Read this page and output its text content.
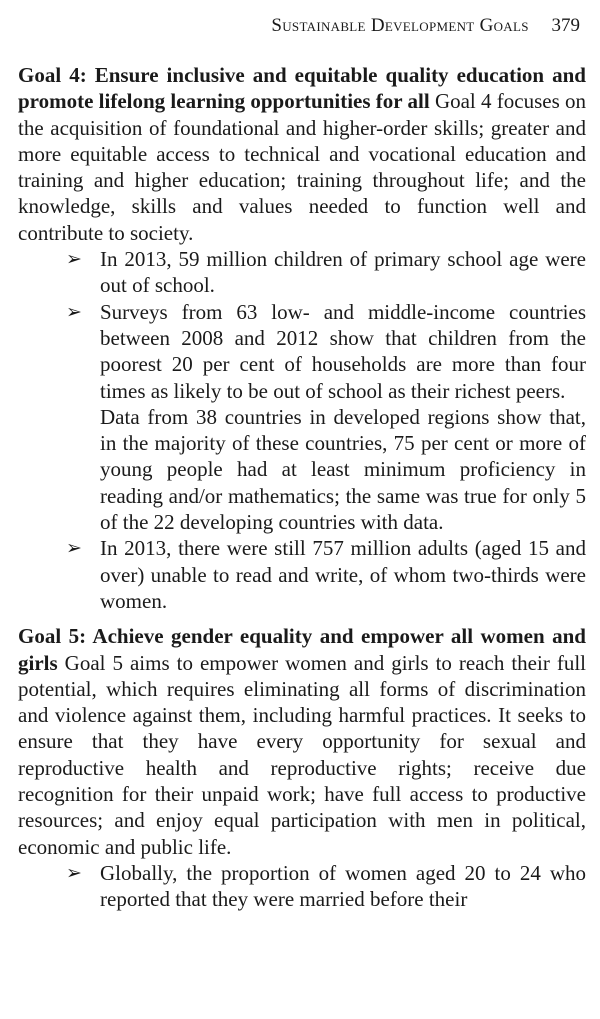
Sustainable Development Goals 379

Goal 4: Ensure inclusive and equitable quality education and promote lifelong learning opportunities for all Goal 4 focuses on the acquisition of foundational and higher-order skills; greater and more equitable access to technical and vocational education and training and higher education; training throughout life; and the knowledge, skills and values needed to function well and contribute to society.

➢ In 2013, 59 million children of primary school age were out of school.
➢ Surveys from 63 low- and middle-income countries between 2008 and 2012 show that children from the poorest 20 per cent of households are more than four times as likely to be out of school as their richest peers.
Data from 38 countries in developed regions show that, in the majority of these countries, 75 per cent or more of young people had at least minimum proficiency in reading and/or mathematics; the same was true for only 5 of the 22 developing countries with data.
➢ In 2013, there were still 757 million adults (aged 15 and over) unable to read and write, of whom two-thirds were women.

Goal 5: Achieve gender equality and empower all women and girls Goal 5 aims to empower women and girls to reach their full potential, which requires eliminating all forms of discrimination and violence against them, including harmful practices. It seeks to ensure that they have every opportunity for sexual and reproductive health and reproductive rights; receive due recognition for their unpaid work; have full access to productive resources; and enjoy equal participation with men in political, economic and public life.

➢ Globally, the proportion of women aged 20 to 24 who reported that they were married before their
